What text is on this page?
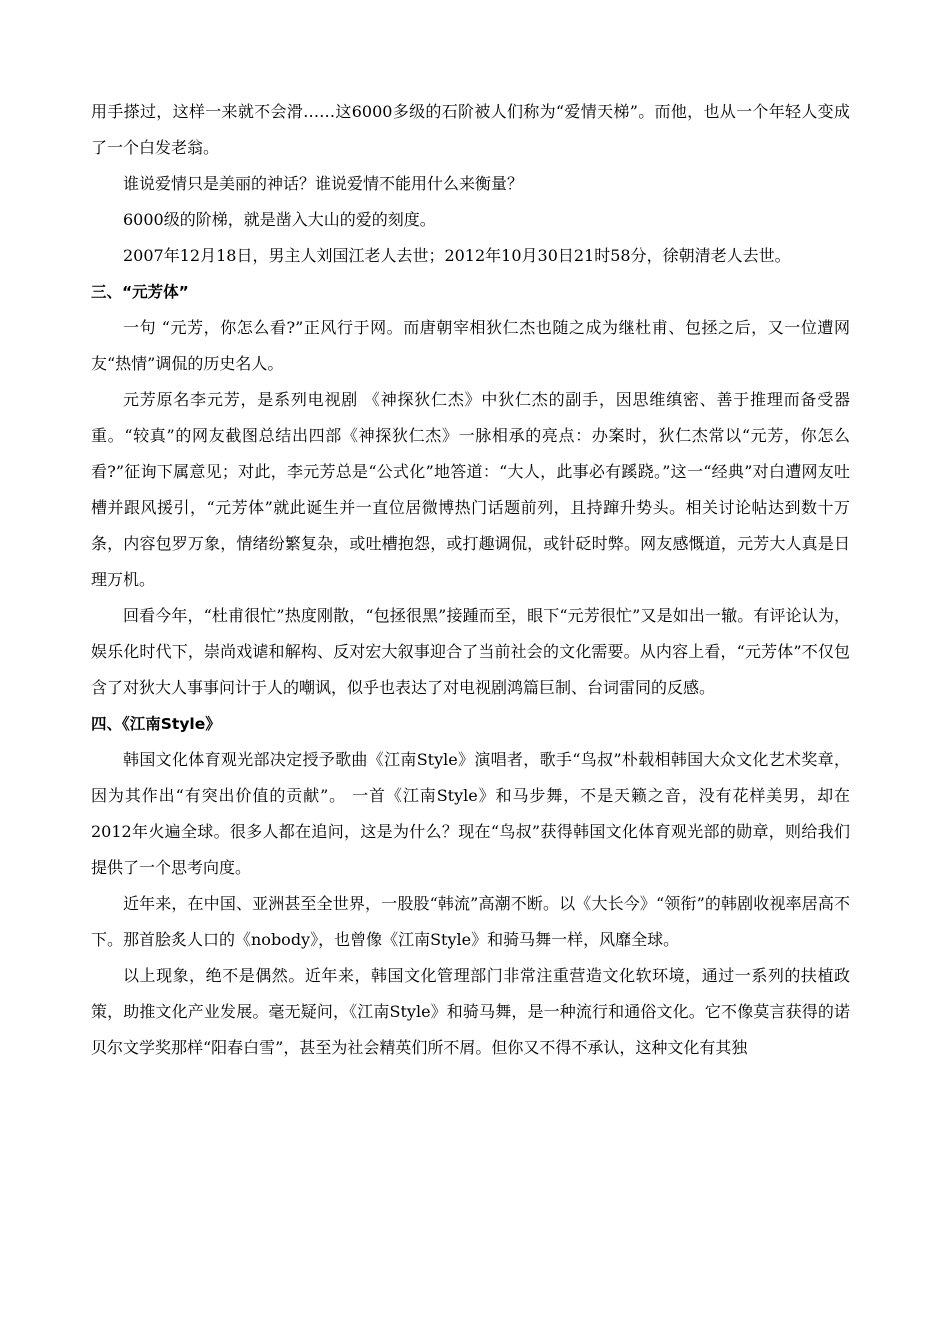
用手搽过，这样一来就不会滑……这6000多级的石阶被人们称为“爱情天梯”。而他，也从一个年轻人变成了一个白发老翁。

谁说爱情只是美丽的神话？谁说爱情不能用什么来衡量？

6000级的阶梯，就是凿入大山的爱的刻度。

2007年12月18日，男主人刘国江老人去世；2012年10月30日21时58分，徐朝清老人去世。

三、“元芳体”

一句 “元芳，你怎么看?”正风行于网。而唐朝宰相狄仁杰也随之成为继杜甫、包拯之后，又一位遭网友“热情”调侃的历史名人。

元芳原名李元芳，是系列电视剧 《神探狄仁杰》中狄仁杰的副手，因思维缜密、善于推理而备受器重。“较真”的网友截图总结出四部《神探狄仁杰》一脉相承的亮点：办案时，狄仁杰常以“元芳，你怎么看?”征询下属意见；对此，李元芳总是“公式化”地答道：“大人，此事必有蹊跷。”这一“经典”对白遭网友吐槽并跟风援引，“元芳体”就此诞生并一直位居微博热门话题前列，且持蹿升势头。相关讨论帖达到数十万条，内容包罗万象，情绪纷繁复杂，或吐槽抱怨，或打趣调侃，或针砭时弊。网友感慨道，元芳大人真是日理万机。

回看今年，“杜甫很忙”热度刚散，“包拯很黑”接踵而至，眼下“元芳很忙”又是如出一辙。有评论认为，娱乐化时代下，崇尚戏谑和解构、反对宏大叙事迎合了当前社会的文化需要。从内容上看，“元芳体”不仅包含了对狄大人事事问计于人的嘲讽，似乎也表达了对电视剧鸿篇巨制、台词雷同的反感。

四、《江南Style》

韩国文化体育观光部决定授予歌曲《江南Style》演唱者，歌手“鸟叔”朴载相韩国大众文化艺术奖章，因为其作出“有突出价值的贡献”。 一首《江南Style》和马步舞，不是天籁之音，没有花样美男，却在2012年火遍全球。很多人都在追问，这是为什么？现在“鸟叔”获得韩国文化体育观光部的勋章，则给我们提供了一个思考向度。

近年来，在中国、亚洲甚至全世界，一股股“韩流”高潮不断。以《大长今》“领衔”的韩剧收视率居高不下。那首脍炙人口的《nobody》，也曾像《江南Style》和骑马舞一样，风靡全球。

以上现象，绝不是偶然。近年来，韩国文化管理部门非常注重营造文化软环境，通过一系列的扶植政策，助推文化产业发展。毫无疑问，《江南Style》和骑马舞，是一种流行和通俗文化。它不像莫言获得的诺贝尔文学奖那样“阳春白雪”，甚至为社会精英们所不屑。但你又不得不承认，这种文化有其独
